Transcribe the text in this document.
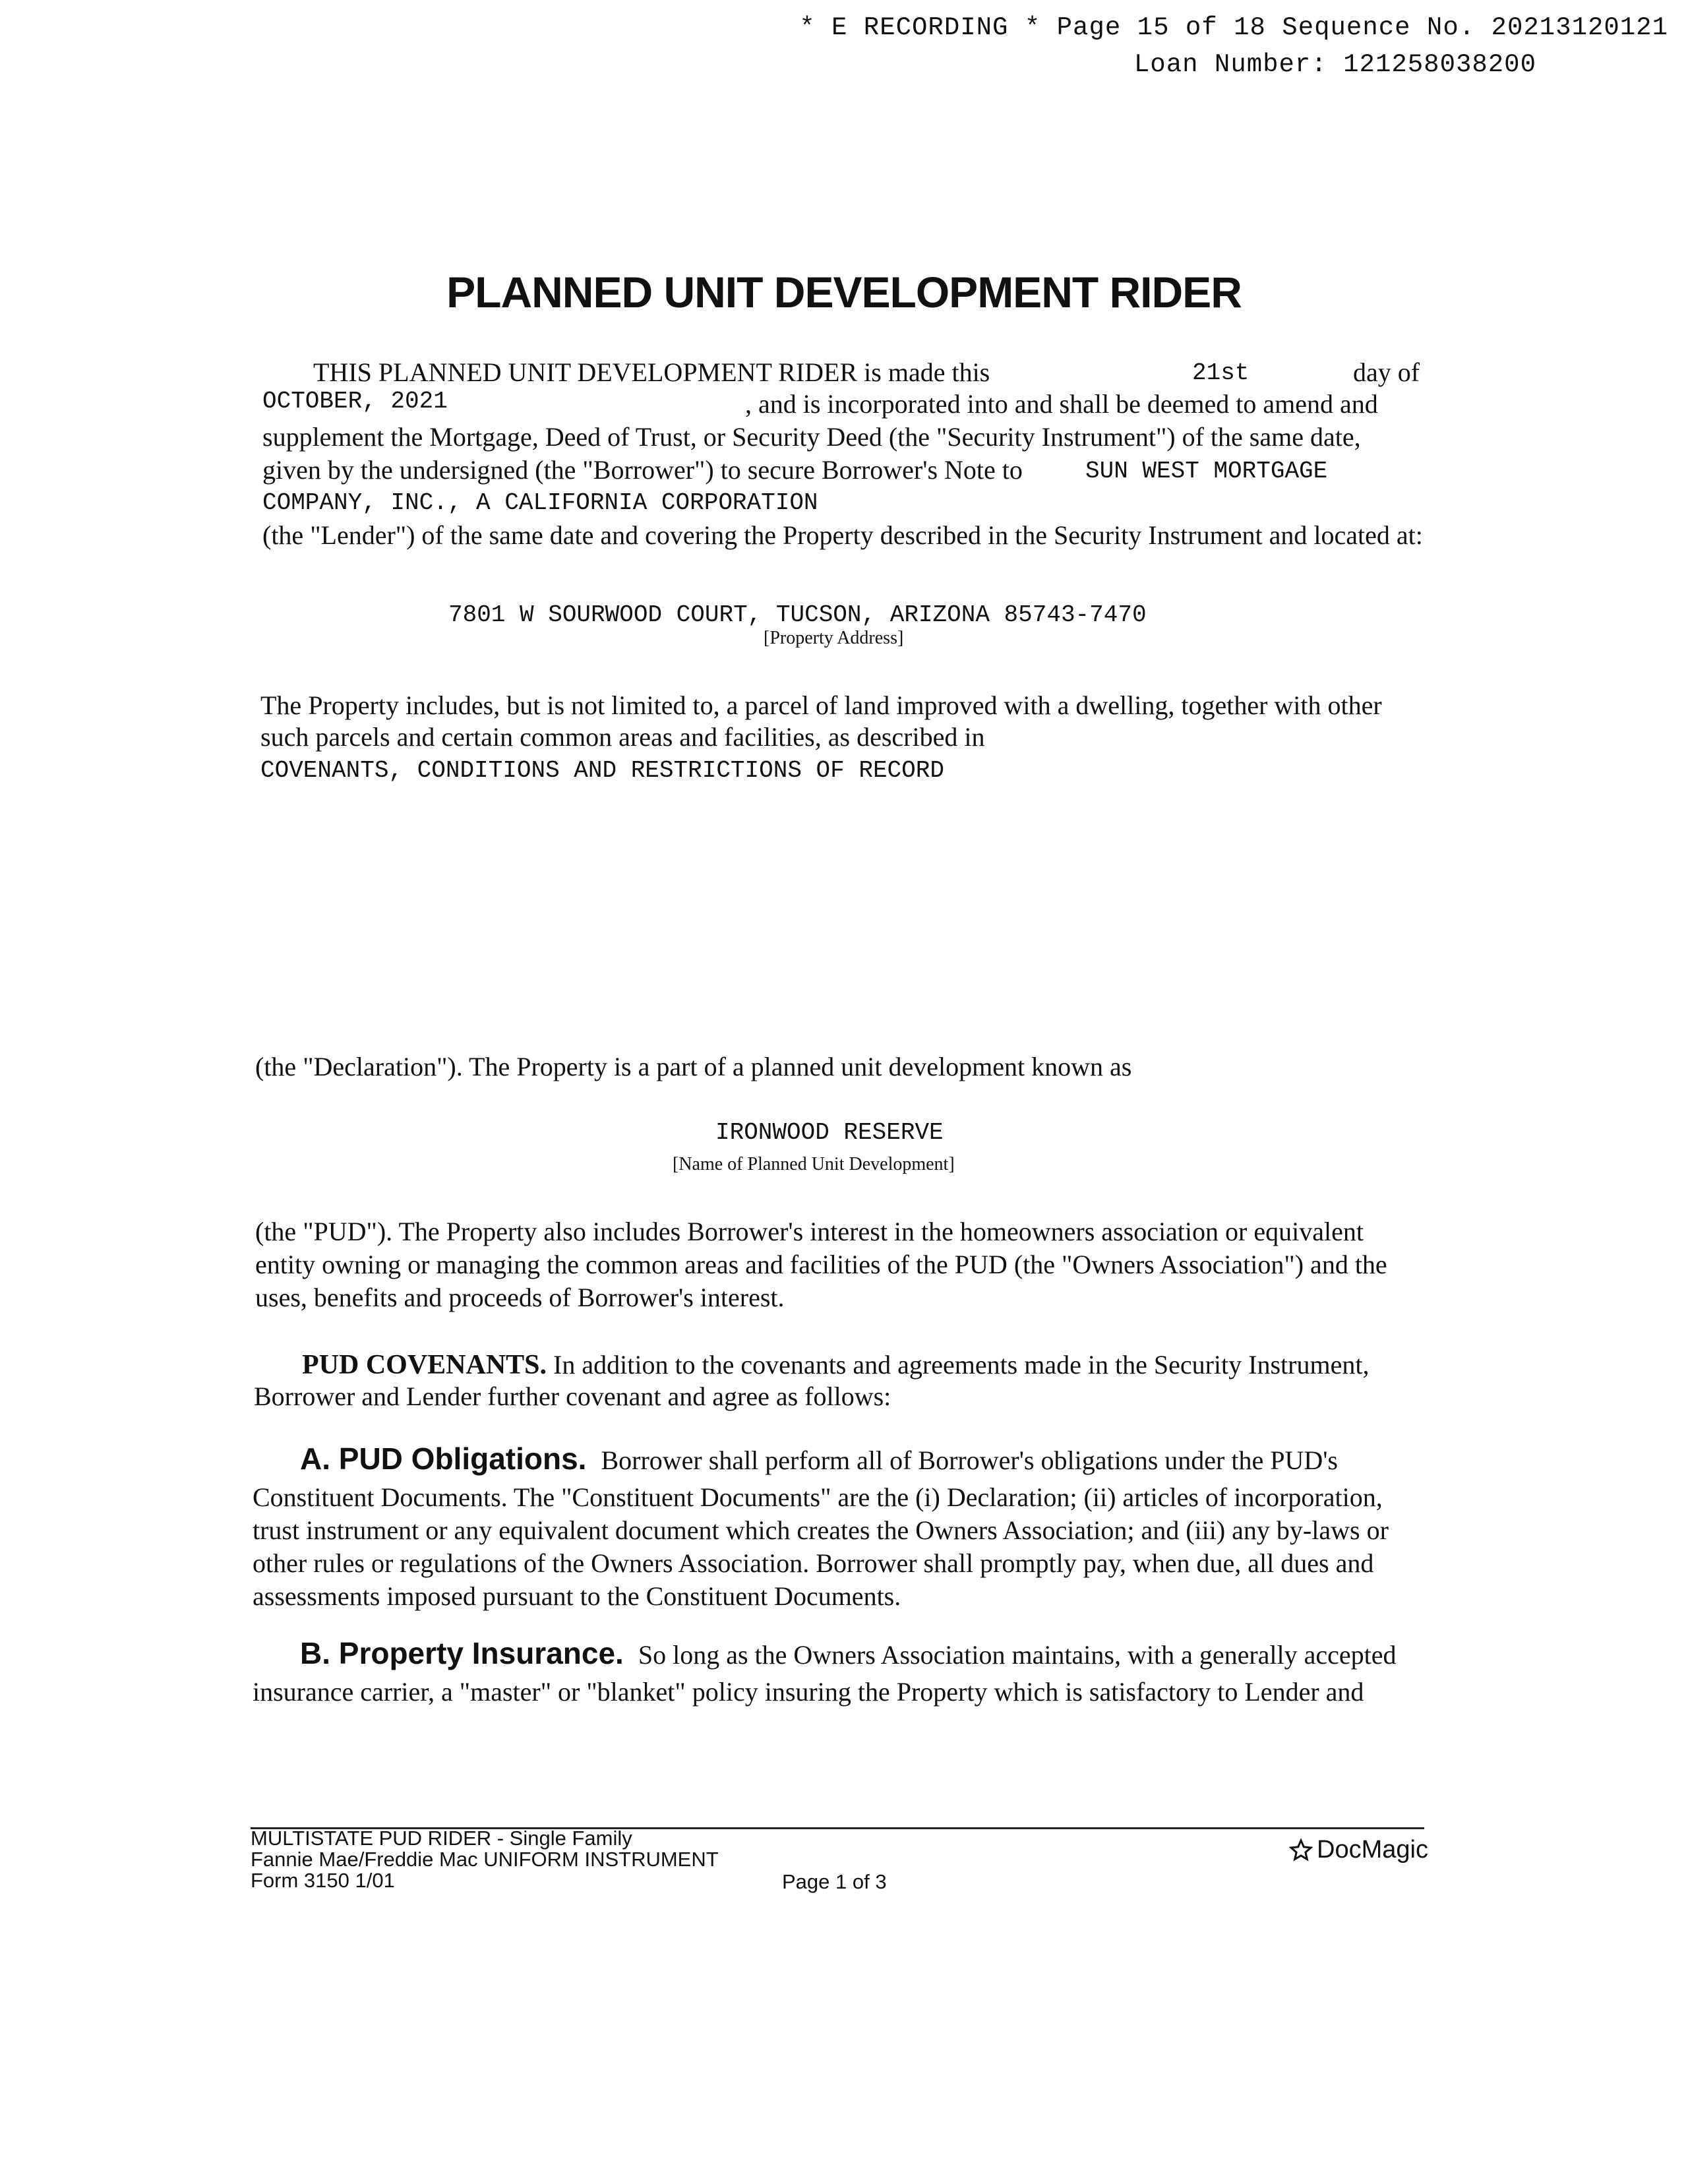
* E RECORDING * Page 15 of 18 Sequence No. 20213120121
Loan Number: 121258038200
PLANNED UNIT DEVELOPMENT RIDER
THIS PLANNED UNIT DEVELOPMENT RIDER is made this	21st	day of
OCTOBER, 2021	, and is incorporated into and shall be deemed to amend and
supplement the Mortgage, Deed of Trust, or Security Deed (the "Security Instrument") of the same date,
given by the undersigned (the "Borrower") to secure Borrower's Note to	SUN WEST MORTGAGE
COMPANY, INC., A CALIFORNIA CORPORATION
(the "Lender") of the same date and covering the Property described in the Security Instrument and located at:
7801 W SOURWOOD COURT, TUCSON, ARIZONA 85743-7470
[Property Address]
The Property includes, but is not limited to, a parcel of land improved with a dwelling, together with other
such parcels and certain common areas and facilities, as described in
COVENANTS, CONDITIONS AND RESTRICTIONS OF RECORD
(the "Declaration"). The Property is a part of a planned unit development known as
IRONWOOD RESERVE
[Name of Planned Unit Development]
(the "PUD"). The Property also includes Borrower's interest in the homeowners association or equivalent
entity owning or managing the common areas and facilities of the PUD (the "Owners Association") and the
uses, benefits and proceeds of Borrower's interest.
PUD COVENANTS. In addition to the covenants and agreements made in the Security Instrument,
Borrower and Lender further covenant and agree as follows:
A. PUD Obligations. Borrower shall perform all of Borrower's obligations under the PUD's
Constituent Documents. The "Constituent Documents" are the (i) Declaration; (ii) articles of incorporation,
trust instrument or any equivalent document which creates the Owners Association; and (iii) any by-laws or
other rules or regulations of the Owners Association. Borrower shall promptly pay, when due, all dues and
assessments imposed pursuant to the Constituent Documents.
B. Property Insurance. So long as the Owners Association maintains, with a generally accepted
insurance carrier, a "master" or "blanket" policy insuring the Property which is satisfactory to Lender and
MULTISTATE PUD RIDER - Single Family
Fannie Mae/Freddie Mac UNIFORM INSTRUMENT
Form 3150 1/01	Page 1 of 3
DocMagic
